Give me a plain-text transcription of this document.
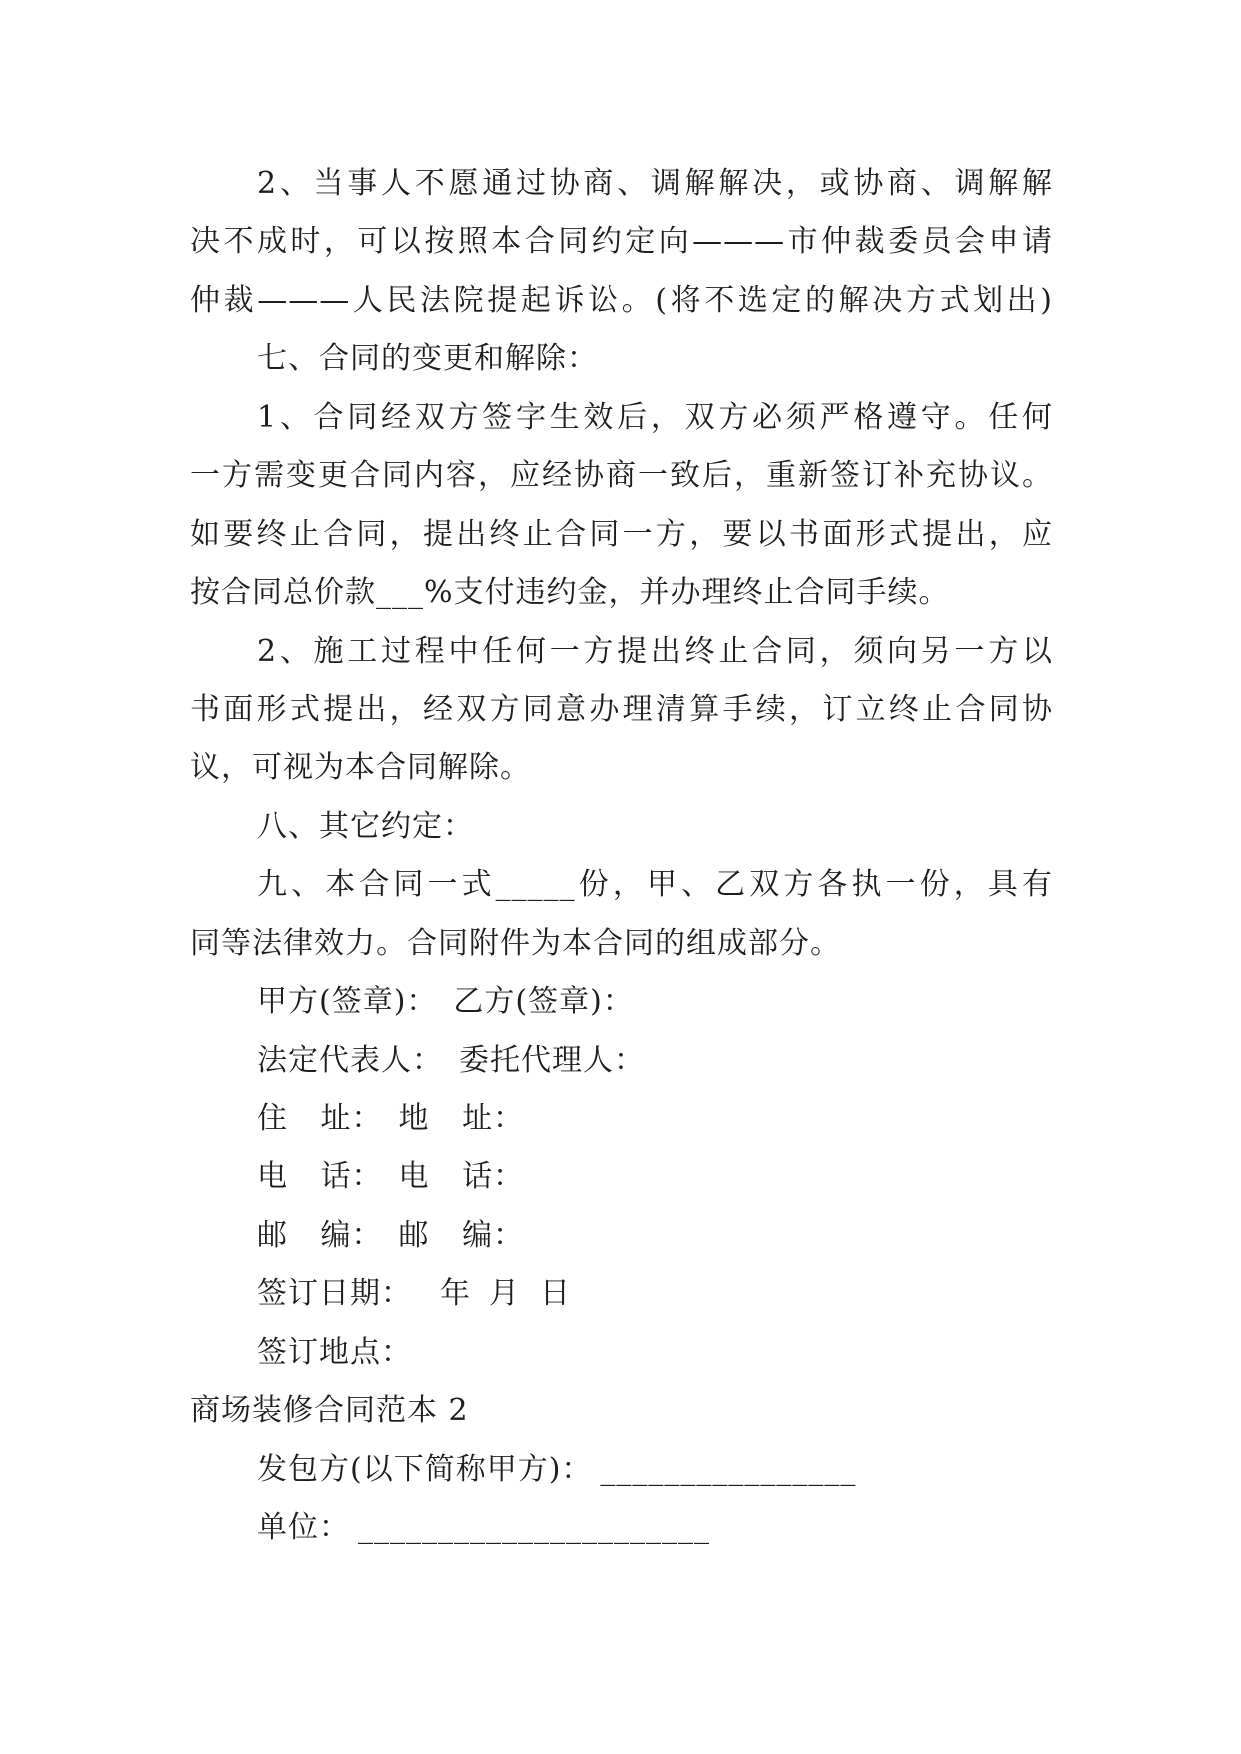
2、当事人不愿通过协商、调解解决，或协商、调解解
决不成时，可以按照本合同约定向———市仲裁委员会申请
仲裁———人民法院提起诉讼。(将不选定的解决方式划出)
七、合同的变更和解除：
1、合同经双方签字生效后，双方必须严格遵守。任何
一方需变更合同内容，应经协商一致后，重新签订补充协议。
如要终止合同，提出终止合同一方，要以书面形式提出，应
按合同总价款___%支付违约金，并办理终止合同手续。
2、施工过程中任何一方提出终止合同，须向另一方以
书面形式提出，经双方同意办理清算手续，订立终止合同协
议，可视为本合同解除。
八、其它约定：
九、本合同一式_____份，甲、乙双方各执一份，具有
同等法律效力。合同附件为本合同的组成部分。
甲方(签章)： 乙方(签章)：
法定代表人： 委托代理人：
住 址： 地 址：
电 话： 电 话：
邮 编： 邮 编：
签订日期： 年 月 日
签订地点：
商场装修合同范本 2
发包方(以下简称甲方)： ________________
单位： ______________________
